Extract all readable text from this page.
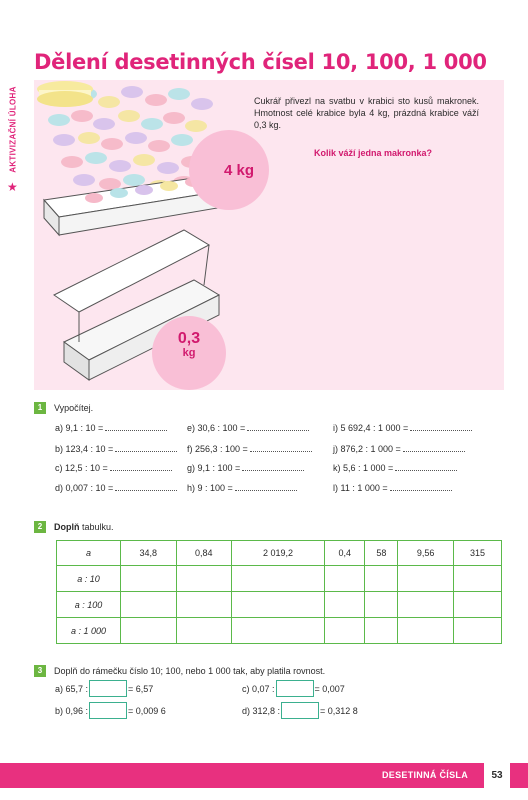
Dělení desetinných čísel 10, 100, 1 000
AKTIVIZAČNÍ ÚLOHA
★
4 kg
0,3
kg

Cukrář přivezl na svatbu v krabici sto kusů makronek. Hmotnost celé krabice byla 4 kg, prázdná krabice váží 0,3 kg.

Kolik váží jedna makronka?

1	Vypočítej.
a) 9,1 : 10 =	e) 30,6 : 100 =	i) 5 692,4 : 1 000 =
b) 123,4 : 10 =	f) 256,3 : 100 =	j) 876,2 : 1 000 =
c) 12,5 : 10 =	g) 9,1 : 100 =	k) 5,6 : 1 000 =
d) 0,007 : 10 =	h) 9 : 100 =	l) 11 : 1 000 =
2	Doplň tabulku.
a	34,8	0,84	2 019,2	0,4	58	9,56	315
a : 10							
a : 100							
a : 1 000							
3	Doplň do rámečku číslo 10; 100, nebo 1 000 tak, aby platila rovnost.
a) 65,7 :	= 6,57	c) 0,07 :	= 0,007
b) 0,96 :	= 0,009 6	d) 312,8 :	= 0,312 8
DESETINNÁ ČÍSLA	53
